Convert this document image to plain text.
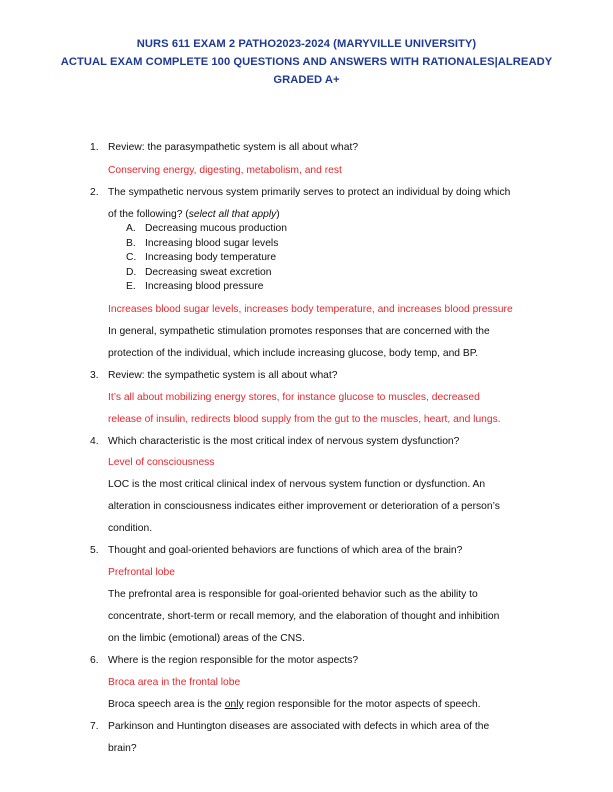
NURS 611 EXAM 2 PATHO2023-2024 (MARYVILLE UNIVERSITY)
ACTUAL EXAM COMPLETE 100 QUESTIONS AND ANSWERS WITH RATIONALES|ALREADY
GRADED A+
1. Review: the parasympathetic system is all about what?
Conserving energy, digesting, metabolism, and rest
2. The sympathetic nervous system primarily serves to protect an individual by doing which
of the following? (select all that apply)
A. Decreasing mucous production
B. Increasing blood sugar levels
C. Increasing body temperature
D. Decreasing sweat excretion
E. Increasing blood pressure
Increases blood sugar levels, increases body temperature, and increases blood pressure
In general, sympathetic stimulation promotes responses that are concerned with the
protection of the individual, which include increasing glucose, body temp, and BP.
3. Review: the sympathetic system is all about what?
It’s all about mobilizing energy stores, for instance glucose to muscles, decreased
release of insulin, redirects blood supply from the gut to the muscles, heart, and lungs.
4. Which characteristic is the most critical index of nervous system dysfunction?
Level of consciousness
LOC is the most critical clinical index of nervous system function or dysfunction. An
alteration in consciousness indicates either improvement or deterioration of a person’s
condition.
5. Thought and goal-oriented behaviors are functions of which area of the brain?
Prefrontal lobe
The prefrontal area is responsible for goal-oriented behavior such as the ability to
concentrate, short-term or recall memory, and the elaboration of thought and inhibition
on the limbic (emotional) areas of the CNS.
6. Where is the region responsible for the motor aspects?
Broca area in the frontal lobe
Broca speech area is the only region responsible for the motor aspects of speech.
7. Parkinson and Huntington diseases are associated with defects in which area of the
brain?
